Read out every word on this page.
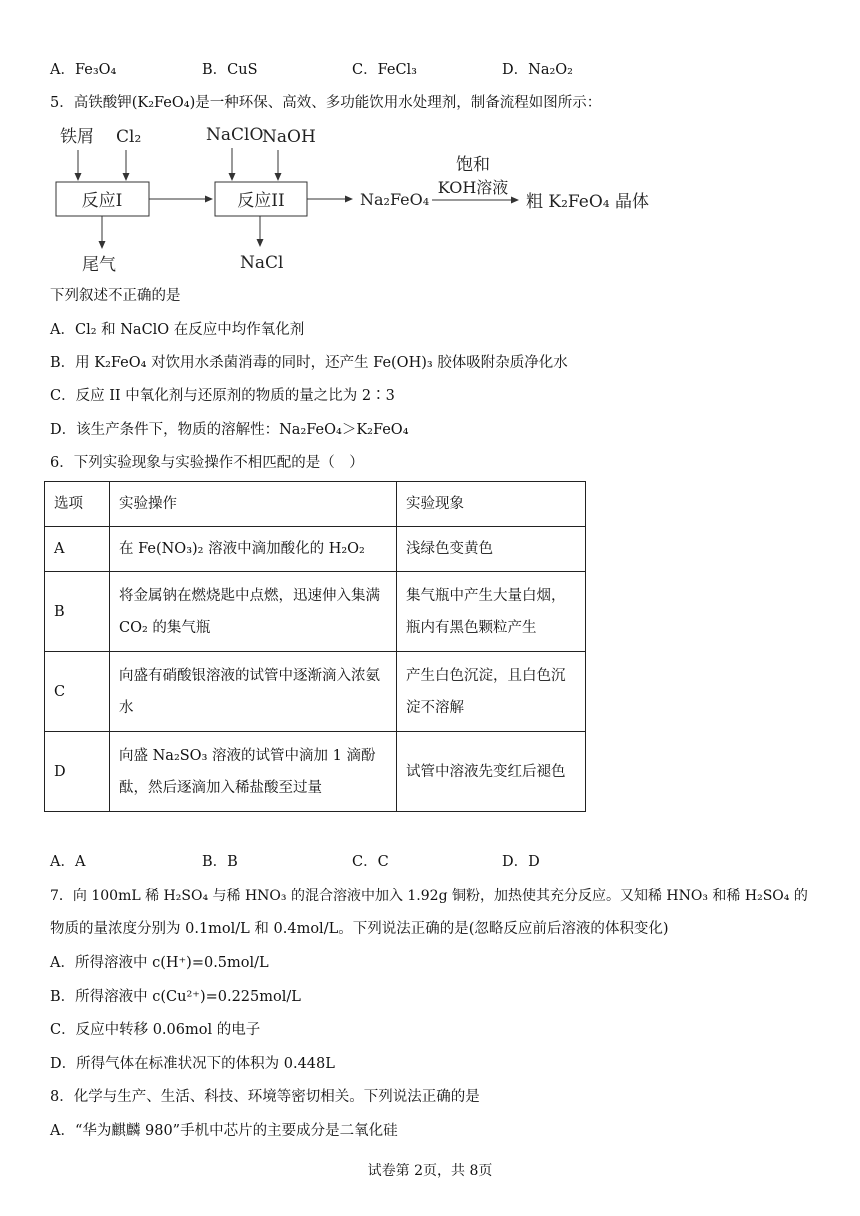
A．Fe₃O₄	B．CuS	C．FeCl₃	D．Na₂O₂
5．高铁酸钾(K₂FeO₄)是一种环保、高效、多功能饮用水处理剂，制备流程如图所示：
铁屑 Cl₂
反应I
尾气
NaClO
NaOH
反应II
NaCl
Na₂FeO₄
饱和
KOH溶液
粗 K₂FeO₄ 晶体
下列叙述不正确的是
A．Cl₂ 和 NaClO 在反应中均作氧化剂
B．用 K₂FeO₄ 对饮用水杀菌消毒的同时，还产生 Fe(OH)₃ 胶体吸附杂质净化水
C．反应 II 中氧化剂与还原剂的物质的量之比为 2∶3
D．该生产条件下，物质的溶解性：Na₂FeO₄＞K₂FeO₄
6．下列实验现象与实验操作不相匹配的是（　）
选项	实验操作	实验现象
A	在 Fe(NO₃)₂ 溶液中滴加酸化的 H₂O₂	浅绿色变黄色
B	将金属钠在燃烧匙中点燃，迅速伸入集满 CO₂ 的集气瓶	集气瓶中产生大量白烟，瓶内有黑色颗粒产生
C	向盛有硝酸银溶液的试管中逐渐滴入浓氨水	产生白色沉淀，且白色沉淀不溶解
D	向盛 Na₂SO₃ 溶液的试管中滴加 1 滴酚酞，然后逐滴加入稀盐酸至过量	试管中溶液先变红后褪色
A．A	B．B	C．C	D．D
7．向 100mL 稀 H₂SO₄ 与稀 HNO₃ 的混合溶液中加入 1.92g 铜粉，加热使其充分反应。又知稀 HNO₃ 和稀 H₂SO₄ 的
物质的量浓度分别为 0.1mol/L 和 0.4mol/L。下列说法正确的是(忽略反应前后溶液的体积变化)
A．所得溶液中 c(H⁺)=0.5mol/L
B．所得溶液中 c(Cu²⁺)=0.225mol/L
C．反应中转移 0.06mol 的电子
D．所得气体在标准状况下的体积为 0.448L
8．化学与生产、生活、科技、环境等密切相关。下列说法正确的是
A．“华为麒麟 980”手机中芯片的主要成分是二氧化硅
试卷第 2页，共 8页
